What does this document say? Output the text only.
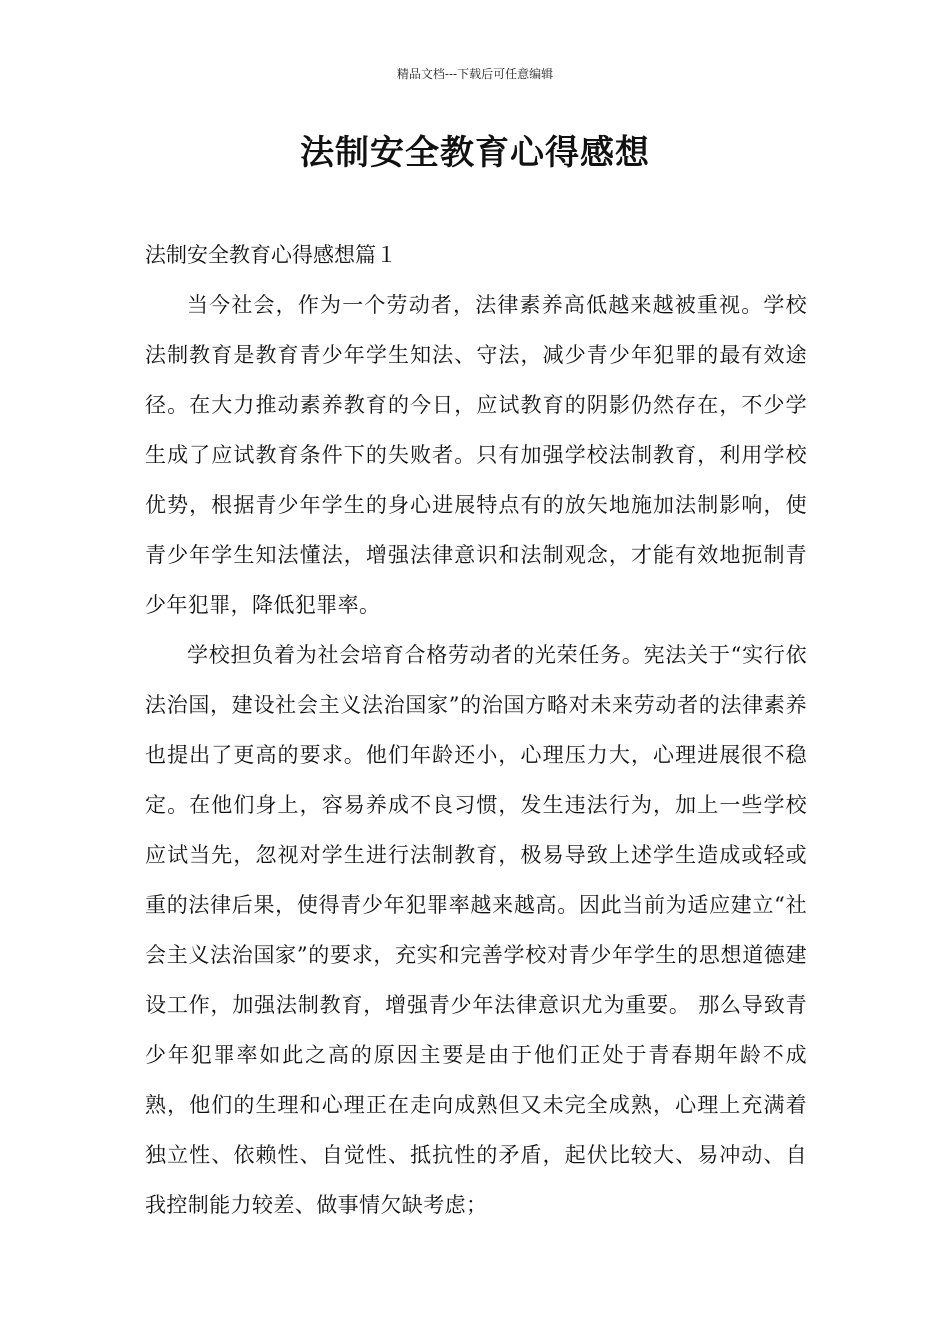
精品文档---下载后可任意编辑
法制安全教育心得感想

法制安全教育心得感想篇１

当今社会，作为一个劳动者，法律素养高低越来越被重视。学校法制教育是教育青少年学生知法、守法，减少青少年犯罪的最有效途径。在大力推动素养教育的今日，应试教育的阴影仍然存在，不少学生成了应试教育条件下的失败者。只有加强学校法制教育，利用学校优势，根据青少年学生的身心进展特点有的放矢地施加法制影响，使青少年学生知法懂法，增强法律意识和法制观念，才能有效地扼制青少年犯罪，降低犯罪率。

学校担负着为社会培育合格劳动者的光荣任务。宪法关于“实行依法治国，建设社会主义法治国家”的治国方略对未来劳动者的法律素养也提出了更高的要求。他们年龄还小，心理压力大，心理进展很不稳定。在他们身上，容易养成不良习惯，发生违法行为，加上一些学校应试当先，忽视对学生进行法制教育，极易导致上述学生造成或轻或重的法律后果，使得青少年犯罪率越来越高。因此当前为适应建立“社会主义法治国家”的要求，充实和完善学校对青少年学生的思想道德建设工作，加强法制教育，增强青少年法律意识尤为重要。 那么导致青少年犯罪率如此之高的原因主要是由于他们正处于青春期年龄不成熟，他们的生理和心理正在走向成熟但又未完全成熟，心理上充满着独立性、依赖性、自觉性、抵抗性的矛盾，起伏比较大、易冲动、自我控制能力较差、做事情欠缺考虑；
